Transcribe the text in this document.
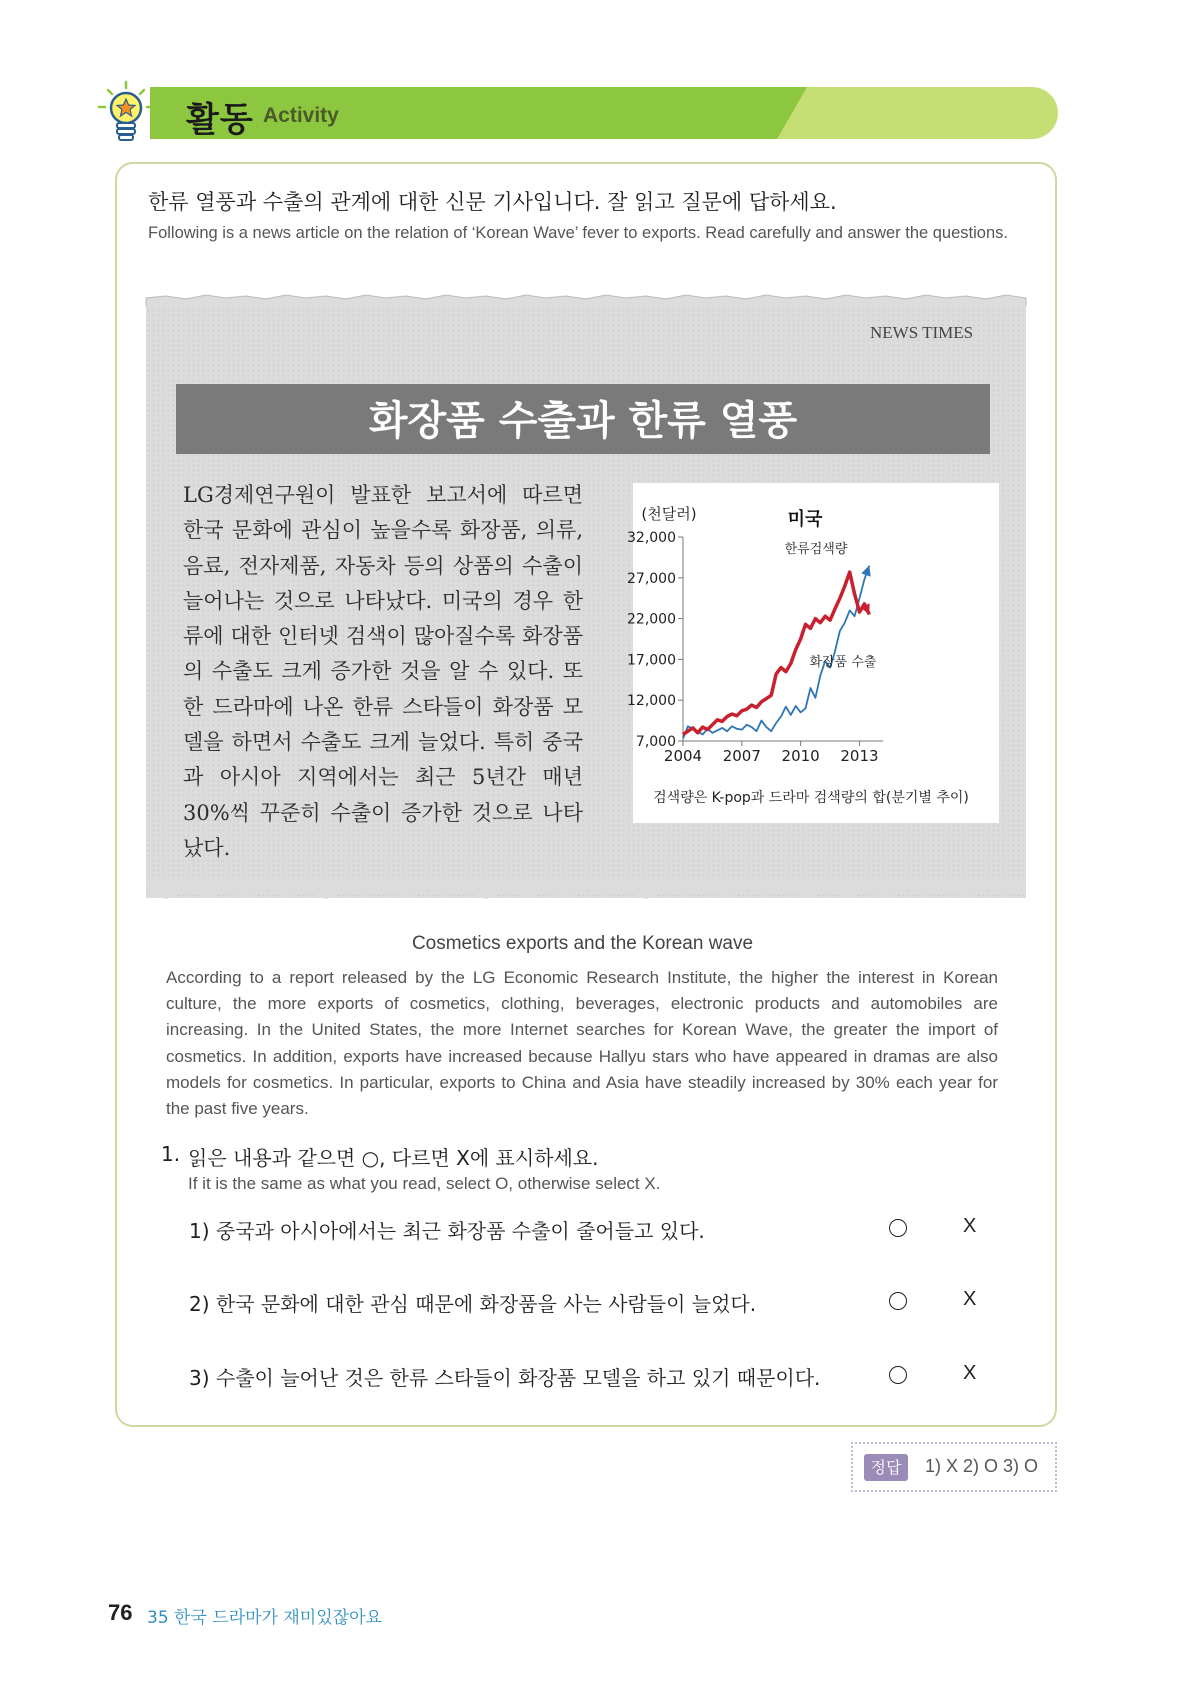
활동 Activity
한류 열풍과 수출의 관계에 대한 신문 기사입니다. 잘 읽고 질문에 답하세요.
Following is a news article on the relation of ‘Korean Wave’ fever to exports. Read carefully and answer the questions.
NEWS TIMES
화장품 수출과 한류 열풍
LG경제연구원이 발표한 보고서에 따르면 한국 문화에 관심이 높을수록 화장품, 의류, 음료, 전자제품, 자동차 등의 상품의 수출이 늘어나는 것으로 나타났다. 미국의 경우 한류에 대한 인터넷 검색이 많아질수록 화장품의 수출도 크게 증가한 것을 알 수 있다. 또한 드라마에 나온 한류 스타들이 화장품 모델을 하면서 수출도 크게 늘었다. 특히 중국과 아시아 지역에서는 최근 5년간 매년 30%씩 꾸준히 수출이 증가한 것으로 나타났다.
32,000
27,000
22,000
17,000
12,000
7,000
2004 2007 2010 2013
한류검색량
화장품 수출
미국
(천달러)
검색량은 K-pop과 드라마 검색량의 합(분기별 추이)
Cosmetics exports and the Korean wave
According to a report released by the LG Economic Research Institute, the higher the interest in Korean culture, the more exports of cosmetics, clothing, beverages, electronic products and automobiles are increasing. In the United States, the more Internet searches for Korean Wave, the greater the import of cosmetics. In addition, exports have increased because Hallyu stars who have appeared in dramas are also models for cosmetics. In particular, exports to China and Asia have steadily increased by 30% each year for the past five years.
1. 읽은 내용과 같으면 ○, 다르면 X에 표시하세요.
If it is the same as what you read, select O, otherwise select X.
1) 중국과 아시아에서는 최근 화장품 수출이 줄어들고 있다.	X
2) 한국 문화에 대한 관심 때문에 화장품을 사는 사람들이 늘었다.	X
3) 수출이 늘어난 것은 한류 스타들이 화장품 모델을 하고 있기 때문이다.	X
정답	1) X 2) O 3) O
76 35 한국 드라마가 재미있잖아요
